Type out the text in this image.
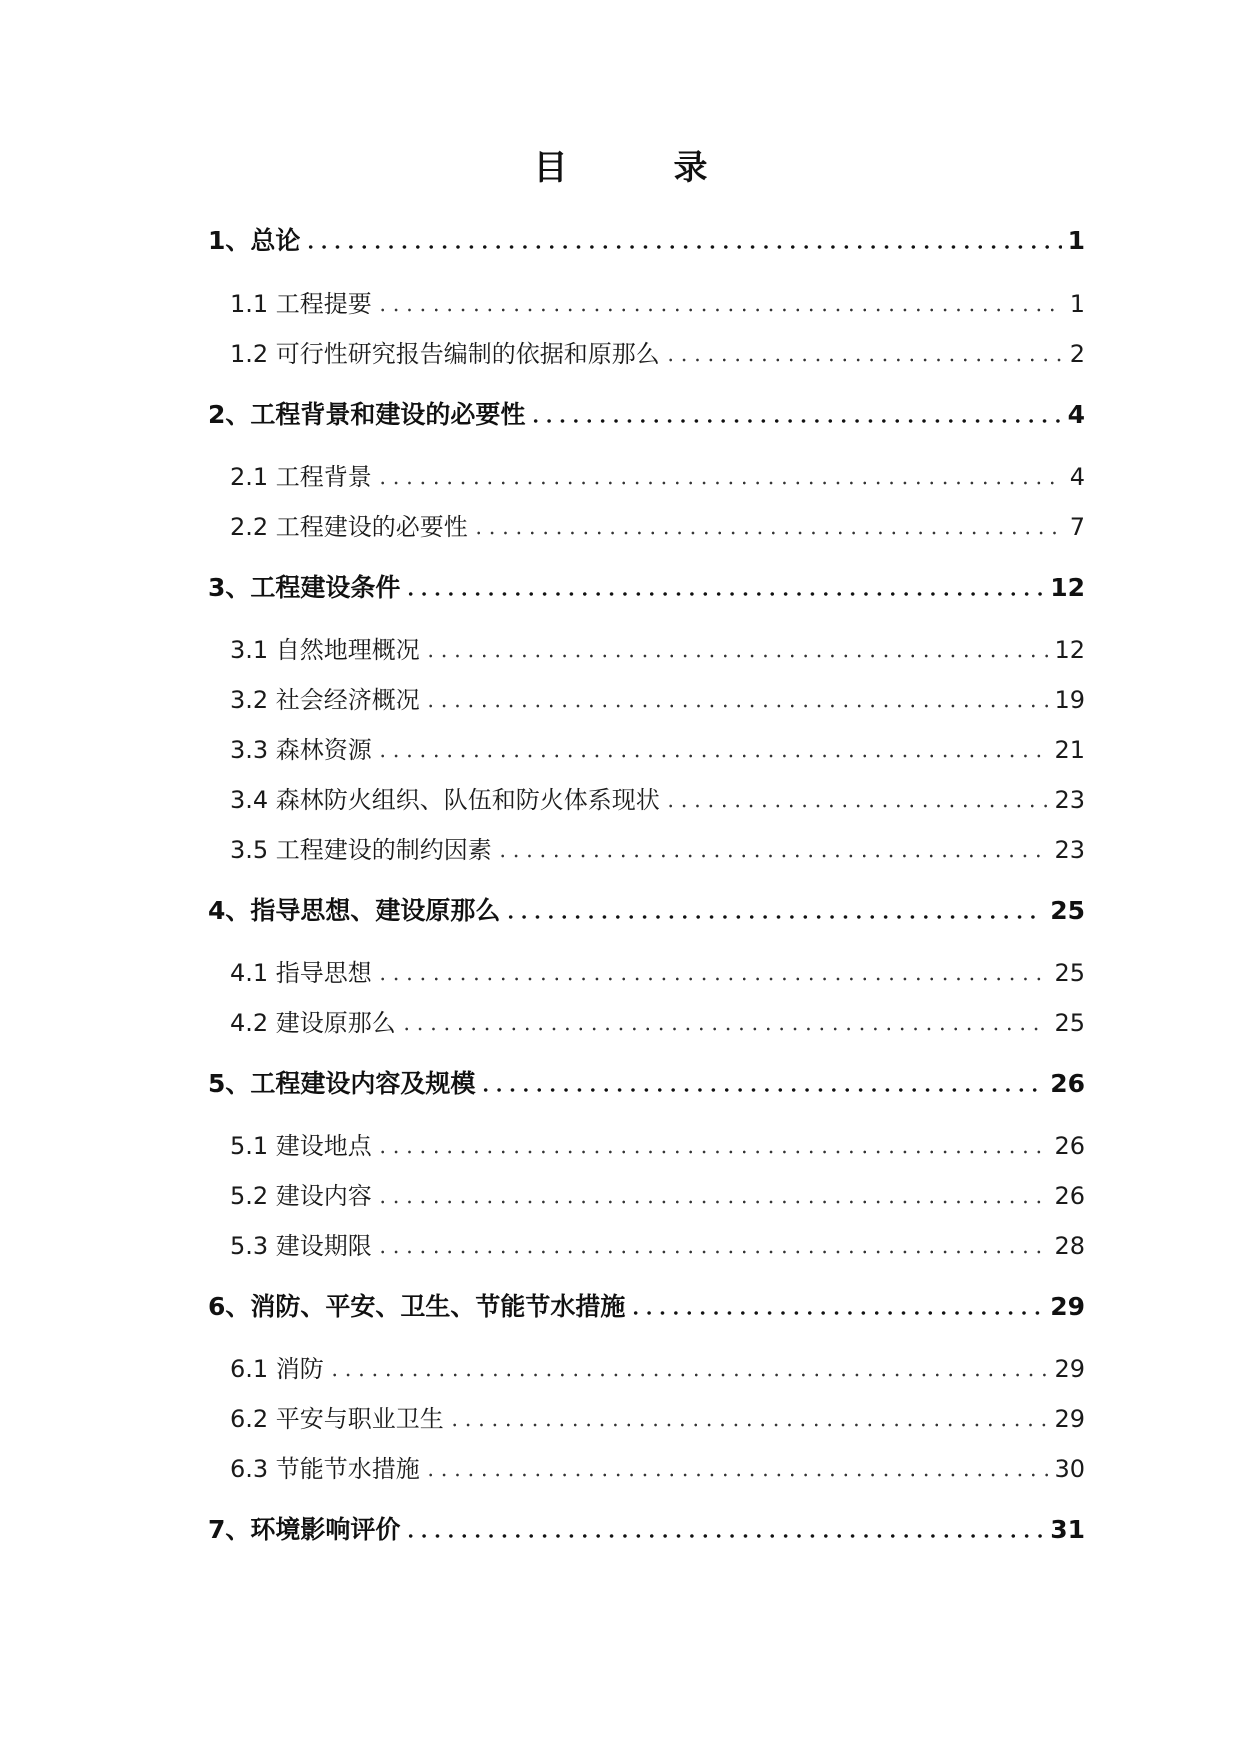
目　录
1、总论	1
1.1 工程提要	1
1.2 可行性研究报告编制的依据和原那么	2
2、工程背景和建设的必要性	4
2.1 工程背景	4
2.2 工程建设的必要性	7
3、工程建设条件	12
3.1 自然地理概况	12
3.2 社会经济概况	19
3.3 森林资源	21
3.4 森林防火组织、队伍和防火体系现状	23
3.5 工程建设的制约因素	23
4、指导思想、建设原那么	25
4.1 指导思想	25
4.2 建设原那么	25
5、工程建设内容及规模	26
5.1 建设地点	26
5.2 建设内容	26
5.3 建设期限	28
6、消防、平安、卫生、节能节水措施	29
6.1 消防	29
6.2 平安与职业卫生	29
6.3 节能节水措施	30
7、环境影响评价	31
